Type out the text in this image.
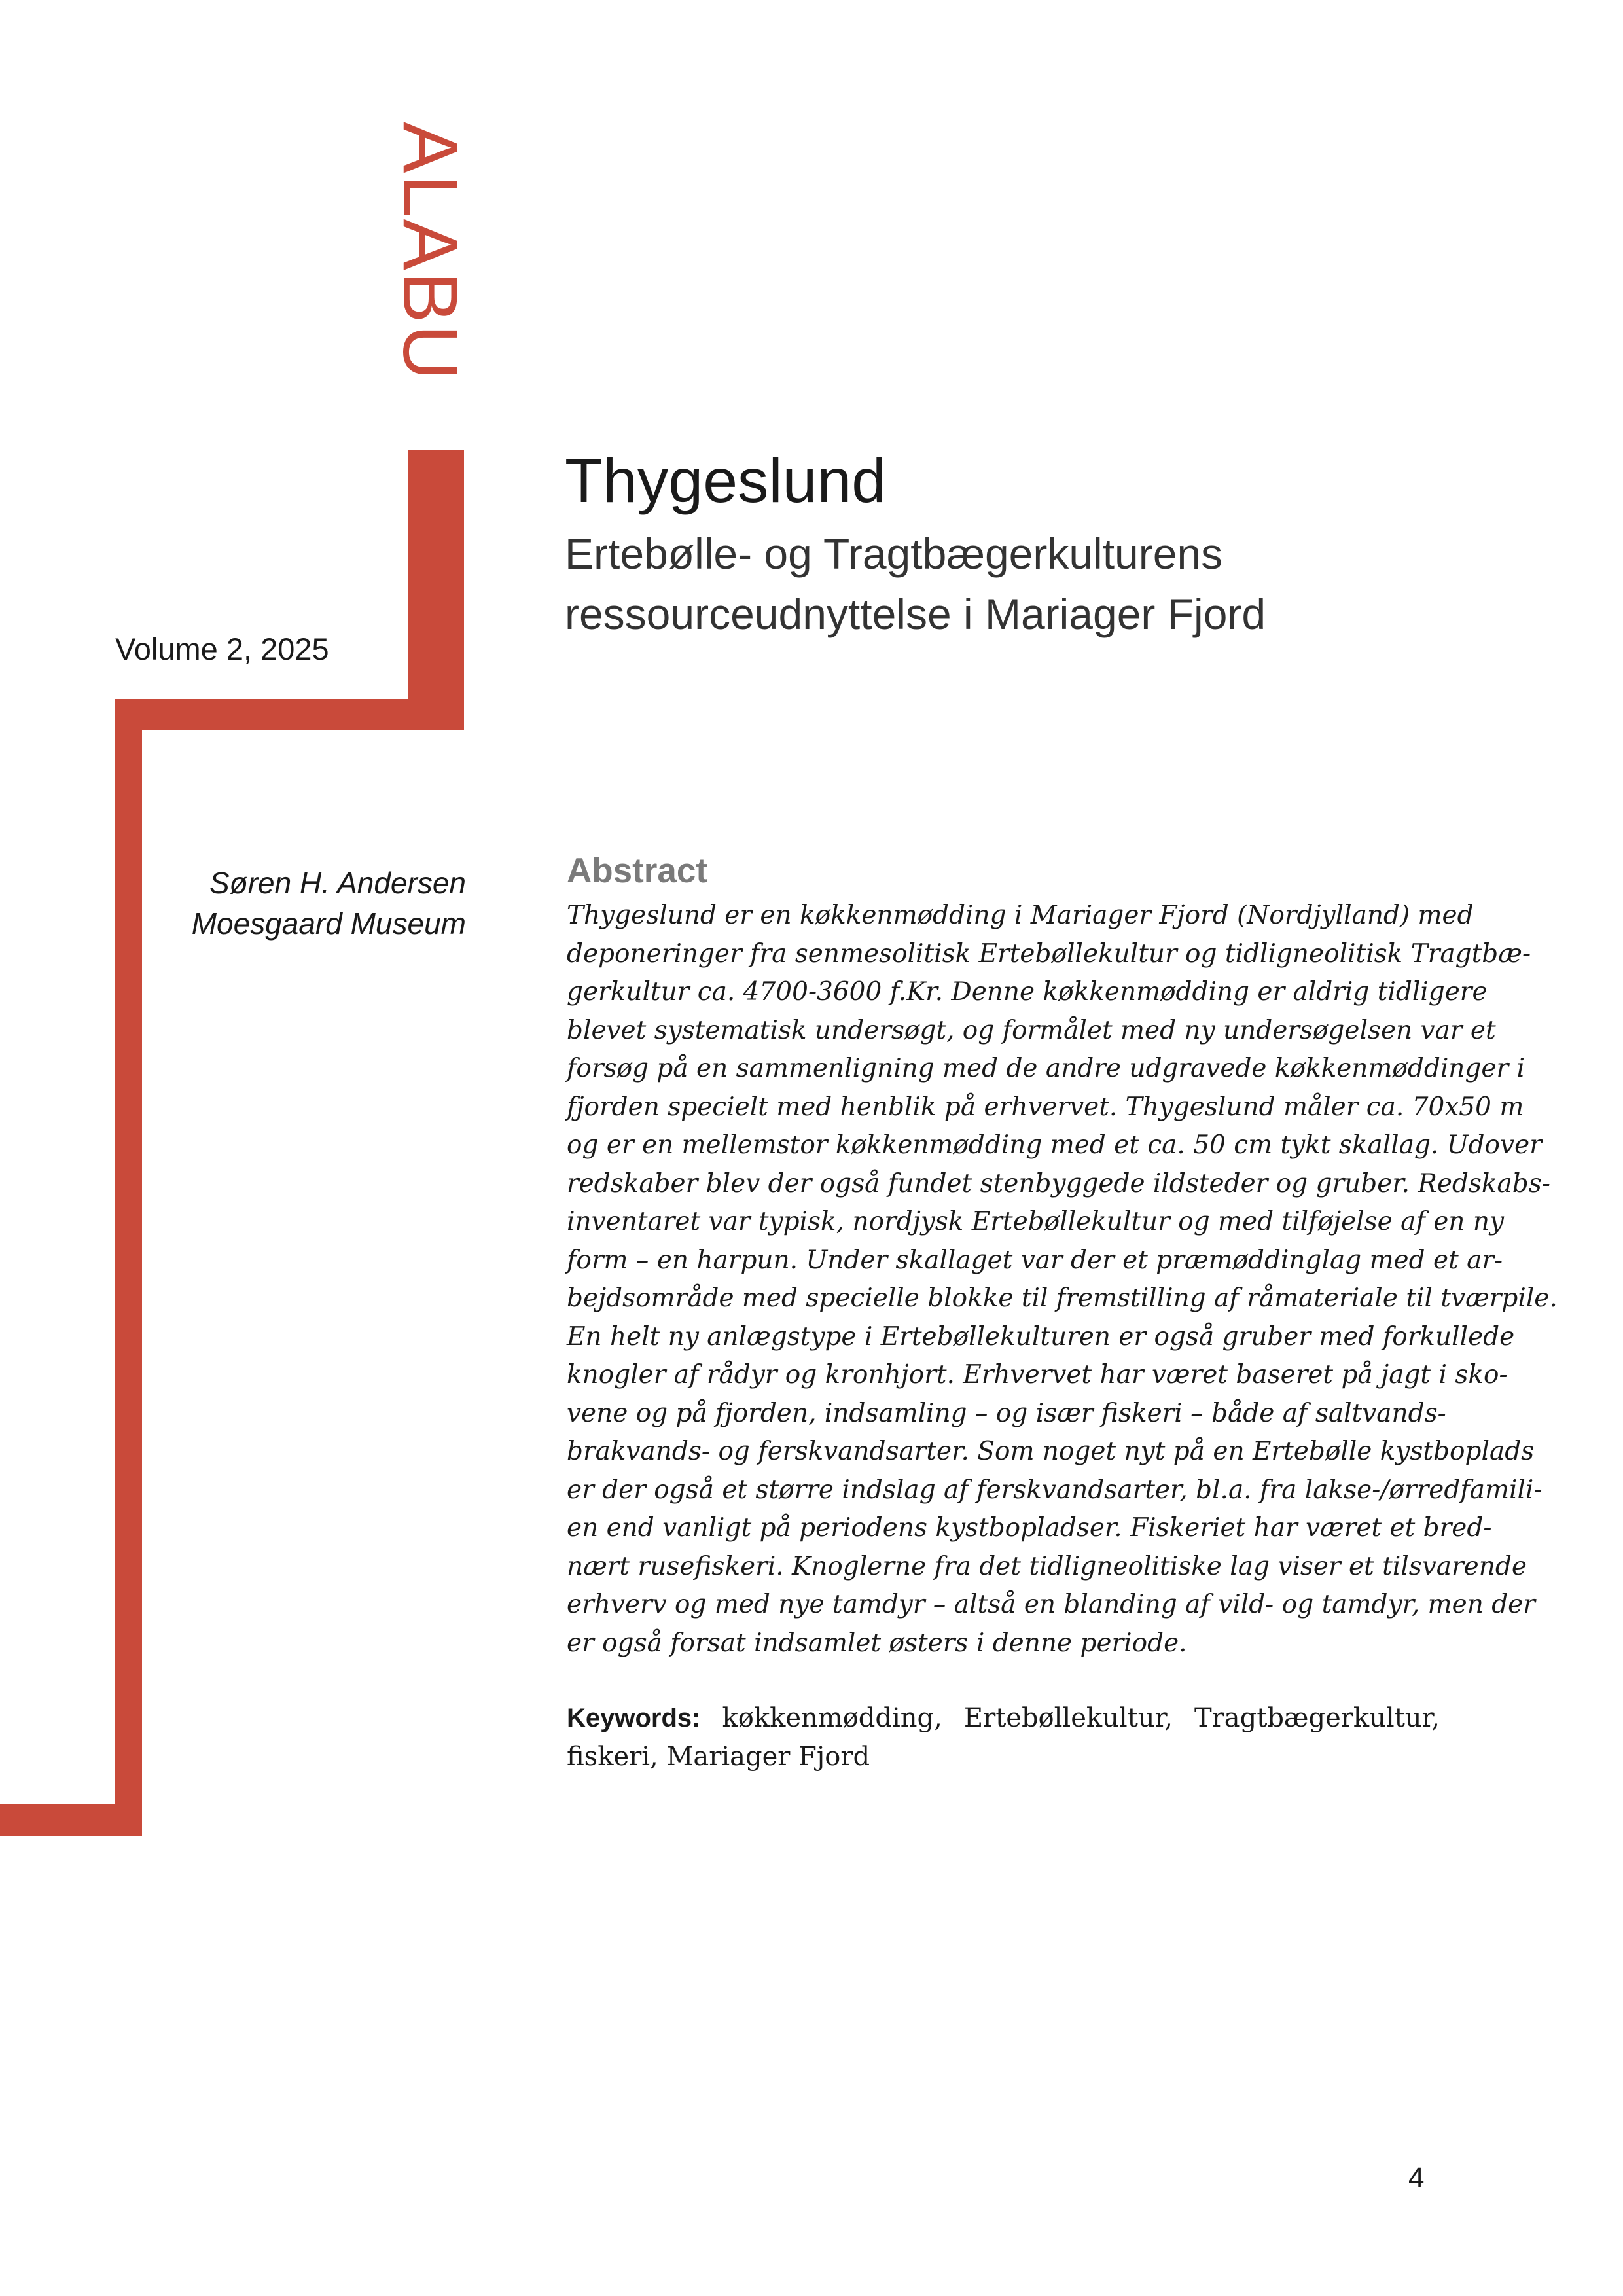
ALABU
Volume 2, 2025
Thygeslund
Ertebølle- og Tragtbægerkulturens
ressourceudnyttelse i Mariager Fjord
Søren H. Andersen
Moesgaard Museum
Abstract
Thygeslund er en køkkenmødding i Mariager Fjord (Nordjylland) med
deponeringer fra senmesolitisk Ertebøllekultur og tidligneolitisk Tragtbæ-
gerkultur ca. 4700-3600 f.Kr. Denne køkkenmødding er aldrig tidligere
blevet systematisk undersøgt, og formålet med ny undersøgelsen var et
forsøg på en sammenligning med de andre udgravede køkkenmøddinger i
fjorden specielt med henblik på erhvervet. Thygeslund måler ca. 70x50 m
og er en mellemstor køkkenmødding med et ca. 50 cm tykt skallag. Udover
redskaber blev der også fundet stenbyggede ildsteder og gruber. Redskabs-
inventaret var typisk, nordjysk Ertebøllekultur og med tilføjelse af en ny
form – en harpun. Under skallaget var der et præmøddinglag med et ar-
bejdsområde med specielle blokke til fremstilling af råmateriale til tværpile.
En helt ny anlægstype i Ertebøllekulturen er også gruber med forkullede
knogler af rådyr og kronhjort. Erhvervet har været baseret på jagt i sko-
vene og på fjorden, indsamling – og især fiskeri – både af saltvands-
brakvands- og ferskvandsarter. Som noget nyt på en Ertebølle kystboplads
er der også et større indslag af ferskvandsarter, bl.a. fra lakse-/ørredfamili-
en end vanligt på periodens kystbopladser. Fiskeriet har været et bred-
nært rusefiskeri. Knoglerne fra det tidligneolitiske lag viser et tilsvarende
erhverv og med nye tamdyr – altså en blanding af vild- og tamdyr, men der
er også forsat indsamlet østers i denne periode.
Keywords: køkkenmødding, Ertebøllekultur, Tragtbægerkultur,
fiskeri, Mariager Fjord
4
